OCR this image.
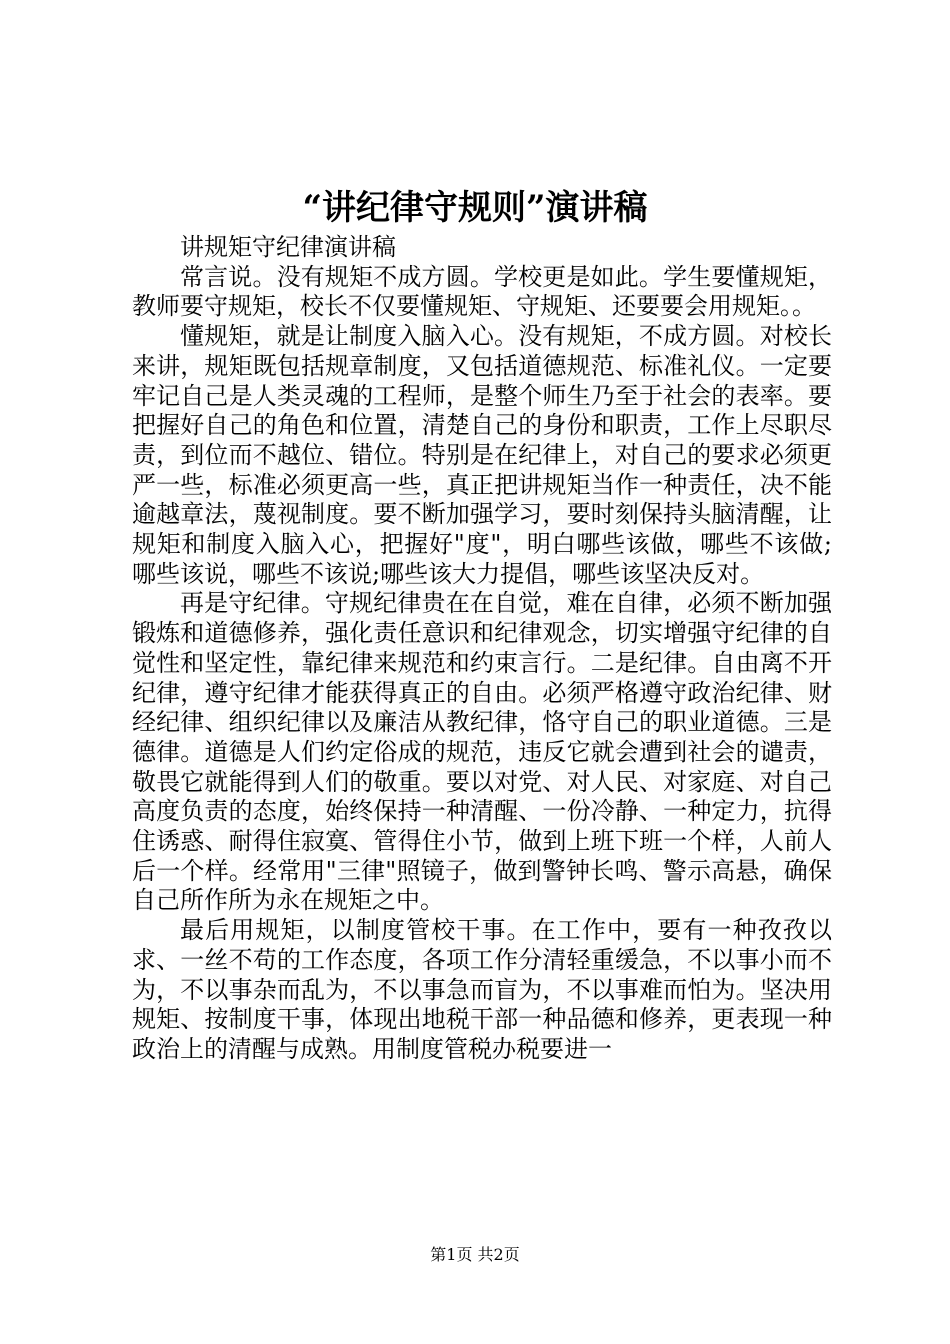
“讲纪律守规则”演讲稿

讲规矩守纪律演讲稿

常言说。没有规矩不成方圆。学校更是如此。学生要懂规矩，教师要守规矩，校长不仅要懂规矩、守规矩、还要要会用规矩。。

懂规矩，就是让制度入脑入心。没有规矩，不成方圆。对校长来讲，规矩既包括规章制度，又包括道德规范、标准礼仪。一定要牢记自己是人类灵魂的工程师，是整个师生乃至于社会的表率。要把握好自己的角色和位置，清楚自己的身份和职责，工作上尽职尽责，到位而不越位、错位。特别是在纪律上，对自己的要求必须更严一些，标准必须更高一些，真正把讲规矩当作一种责任，决不能逾越章法，蔑视制度。要不断加强学习，要时刻保持头脑清醒，让规矩和制度入脑入心，把握好"度"，明白哪些该做，哪些不该做;哪些该说，哪些不该说;哪些该大力提倡，哪些该坚决反对。

再是守纪律。守规纪律贵在在自觉，难在自律，必须不断加强锻炼和道德修养，强化责任意识和纪律观念，切实增强守纪律的自觉性和坚定性，靠纪律来规范和约束言行。二是纪律。自由离不开纪律，遵守纪律才能获得真正的自由。必须严格遵守政治纪律、财经纪律、组织纪律以及廉洁从教纪律，恪守自己的职业道德。三是德律。道德是人们约定俗成的规范，违反它就会遭到社会的谴责，敬畏它就能得到人们的敬重。要以对党、对人民、对家庭、对自己高度负责的态度，始终保持一种清醒、一份冷静、一种定力，抗得住诱惑、耐得住寂寞、管得住小节，做到上班下班一个样，人前人后一个样。经常用"三律"照镜子，做到警钟长鸣、警示高悬，确保自己所作所为永在规矩之中。

最后用规矩，以制度管校干事。在工作中，要有一种孜孜以求、一丝不苟的工作态度，各项工作分清轻重缓急，不以事小而不为，不以事杂而乱为，不以事急而盲为，不以事难而怕为。坚决用规矩、按制度干事，体现出地税干部一种品德和修养，更表现一种政治上的清醒与成熟。用制度管税办税要进一

第1页 共2页
